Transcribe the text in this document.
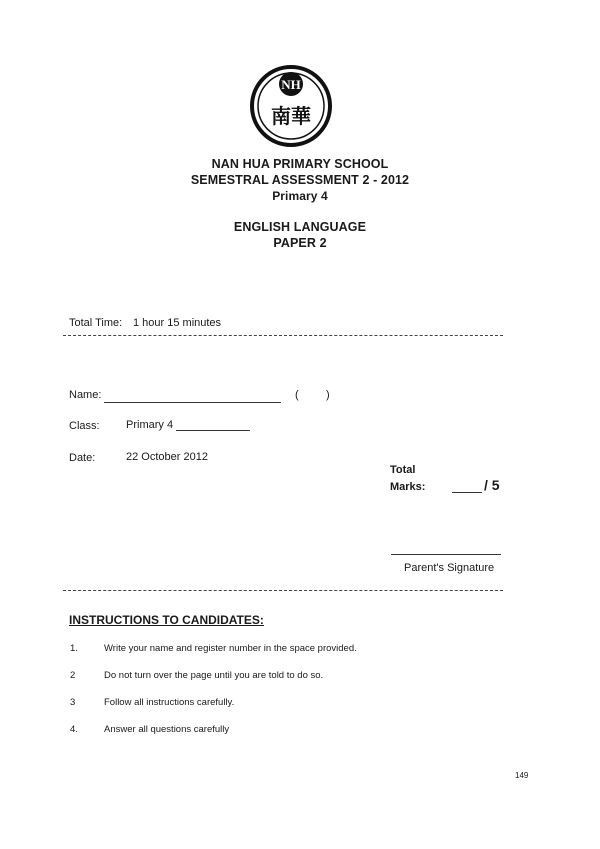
NH
南華
NAN HUA PRIMARY SCHOOL
SEMESTRAL ASSESSMENT 2 - 2012
Primary 4
ENGLISH LANGUAGE
PAPER 2
Total Time: 1 hour 15 minutes
Name:	( )
Class: Primary 4
Date:	22 October 2012
Total
Marks:	/ 5
Parent's Signature
INSTRUCTIONS TO CANDIDATES:
1.	Write your name and register number in the space provided.
2	Do not turn over the page until you are told to do so.
3	Follow all instructions carefully.
4.	Answer all questions carefully
149
